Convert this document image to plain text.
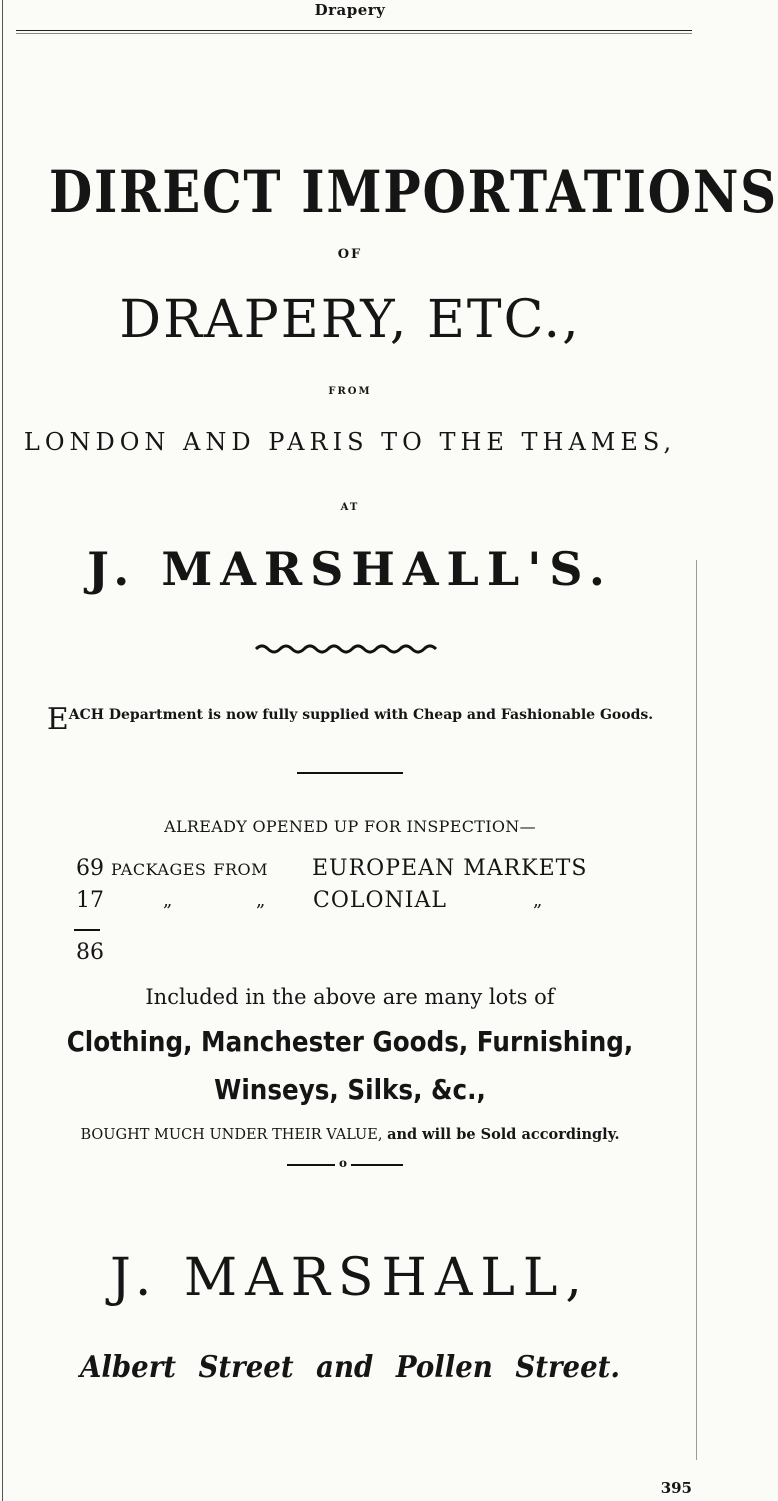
Drapery
DIRECT IMPORTATIONS
OF
DRAPERY, ETC.,
FROM
LONDON AND PARIS TO THE THAMES,
AT
J. MARSHALL'S.
EACH Department is now fully supplied with Cheap and Fashionable Goods.
ALREADY OPENED UP FOR INSPECTION—
69 PACKAGES FROM EUROPEAN MARKETS
17	„	„ COLONIAL	„
86
Included in the above are many lots of
Clothing, Manchester Goods, Furnishing,
Winseys, Silks, &c.,
BOUGHT MUCH UNDER THEIR VALUE, and will be Sold accordingly.
o
J. MARSHALL,
Albert Street and Pollen Street.
395
